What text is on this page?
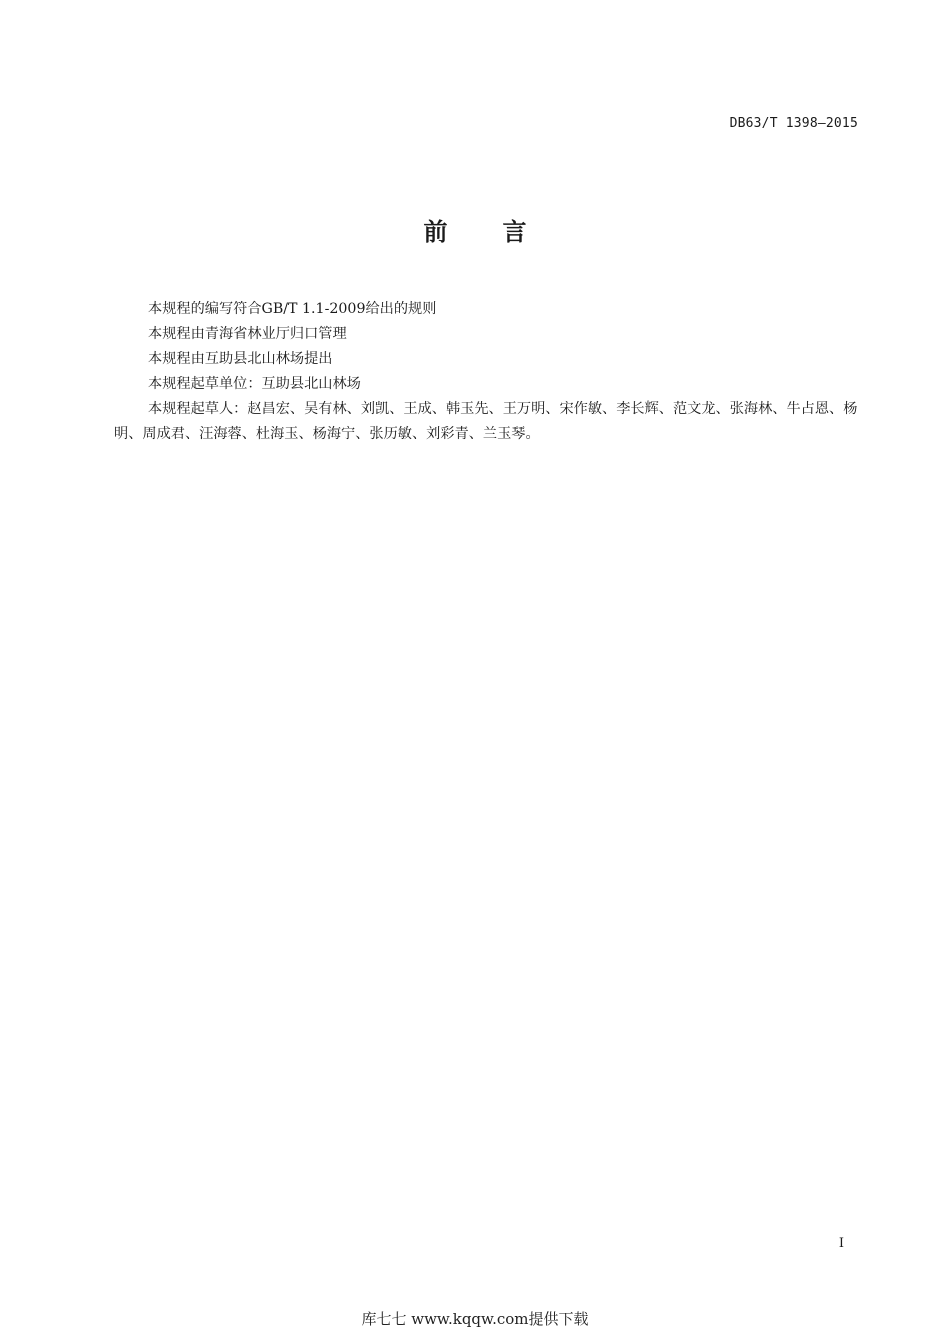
DB63/T 1398—2015
前言

本规程的编写符合GB/T 1.1-2009给出的规则

本规程由青海省林业厅归口管理

本规程由互助县北山林场提出

本规程起草单位：互助县北山林场

本规程起草人：赵昌宏、吴有林、刘凯、王成、韩玉先、王万明、宋作敏、李长辉、范文龙、张海林、牛占恩、杨明、周成君、汪海蓉、杜海玉、杨海宁、张历敏、刘彩青、兰玉琴。

I
库七七 www.kqqw.com提供下载
